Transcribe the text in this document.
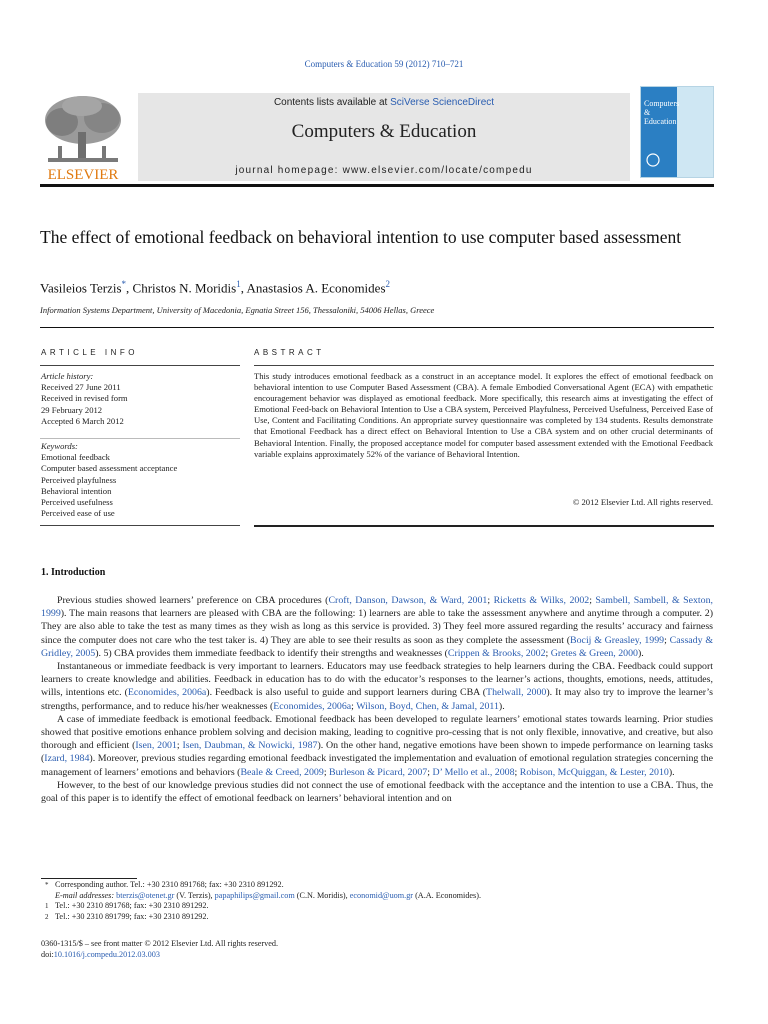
Computers & Education 59 (2012) 710–721
ELSEVIER
Contents lists available at SciVerse ScienceDirect
Computers & Education
journal homepage: www.elsevier.com/locate/compedu
Computers
&
Education
The effect of emotional feedback on behavioral intention to use computer based assessment
Vasileios Terzis*, Christos N. Moridis$^1$, Anastasios A. Economides$^2$
Information Systems Department, University of Macedonia, Egnatia Street 156, Thessaloniki, 54006 Hellas, Greece
ARTICLE INFO
Article history:
Received 27 June 2011
Received in revised form
29 February 2012
Accepted 6 March 2012
Keywords:
Emotional feedback
Computer based assessment acceptance
Perceived playfulness
Behavioral intention
Perceived usefulness
Perceived ease of use
ABSTRACT
This study introduces emotional feedback as a construct in an acceptance model. It explores the effect of emotional feedback on behavioral intention to use Computer Based Assessment (CBA). A female Embodied Conversational Agent (ECA) with empathetic encouragement behavior was displayed as emotional feedback. More specifically, this research aims at investigating the effect of Emotional Feed-back on Behavioral Intention to Use a CBA system, Perceived Playfulness, Perceived Usefulness, Perceived Ease of Use, Content and Facilitating Conditions. An appropriate survey questionnaire was completed by 134 students. Results demonstrate that Emotional Feedback has a direct effect on Behavioral Intention to Use a CBA system and on other crucial determinants of Behavioral Intention. Finally, the proposed acceptance model for computer based assessment extended with the Emotional Feedback variable explains approximately 52% of the variance of Behavioral Intention.
© 2012 Elsevier Ltd. All rights reserved.
1. Introduction

Previous studies showed learners’ preference on CBA procedures (Croft, Danson, Dawson, & Ward, 2001; Ricketts & Wilks, 2002; Sambell, Sambell, & Sexton, 1999). The main reasons that learners are pleased with CBA are the following: 1) learners are able to take the assessment anywhere and anytime through a computer. 2) They are also able to take the test as many times as they wish as long as this service is provided. 3) They feel more assured regarding the results’ accuracy and fairness since the computer does not care who the test taker is. 4) They are able to see their results as soon as they complete the assessment (Bocij & Greasley, 1999; Cassady & Gridley, 2005). 5) CBA provides them immediate feedback to identify their strengths and weaknesses (Crippen & Brooks, 2002; Gretes & Green, 2000).

Instantaneous or immediate feedback is very important to learners. Educators may use feedback strategies to help learners during the CBA. Feedback could support learners to create knowledge and abilities. Feedback in education has to do with the educator’s responses to the learner’s actions, thoughts, emotions, needs, attitudes, wills, intentions etc. (Economides, 2006a). Feedback is also useful to guide and support learners during CBA (Thelwall, 2000). It may also try to improve the learner’s strengths, performance, and to reduce his/her weaknesses (Economides, 2006a; Wilson, Boyd, Chen, & Jamal, 2011).

A case of immediate feedback is emotional feedback. Emotional feedback has been developed to regulate learners’ emotional states towards learning. Prior studies showed that positive emotions enhance problem solving and decision making, leading to cognitive pro-cessing that is not only flexible, innovative, and creative, but also thorough and efficient (Isen, 2001; Isen, Daubman, & Nowicki, 1987). On the other hand, negative emotions have been shown to impede performance on learning tasks (Izard, 1984). Moreover, previous studies regarding emotional feedback investigated the implementation and evaluation of emotional regulation strategies concerning the management of learners’ emotions and behaviors (Beale & Creed, 2009; Burleson & Picard, 2007; D’ Mello et al., 2008; Robison, McQuiggan, & Lester, 2010).

However, to the best of our knowledge previous studies did not connect the use of emotional feedback with the acceptance and the intention to use a CBA. Thus, the goal of this paper is to identify the effect of emotional feedback on learners’ behavioral intention and on

* Corresponding author. Tel.: +30 2310 891768; fax: +30 2310 891292.
E-mail addresses: bterzis@otenet.gr (V. Terzis), papaphilips@gmail.com (C.N. Moridis), economid@uom.gr (A.A. Economides).
1 Tel.: +30 2310 891768; fax: +30 2310 891292.
2 Tel.: +30 2310 891799; fax: +30 2310 891292.
0360-1315/$ – see front matter © 2012 Elsevier Ltd. All rights reserved.
doi:10.1016/j.compedu.2012.03.003
